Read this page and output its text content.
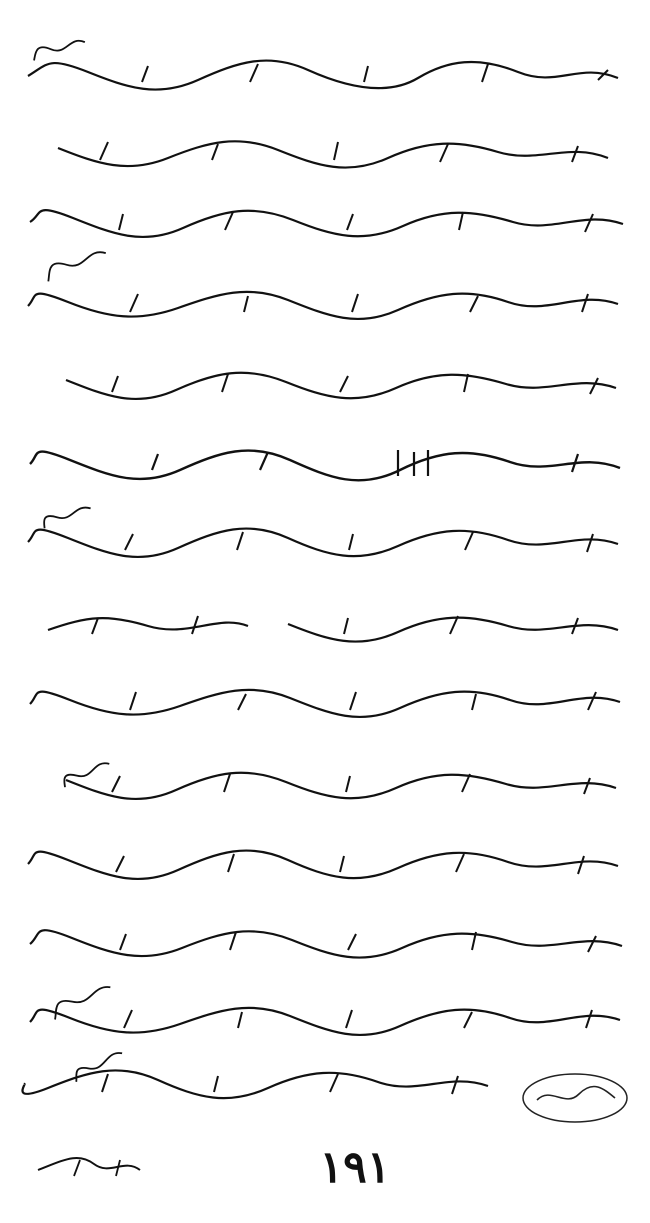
١٩١
